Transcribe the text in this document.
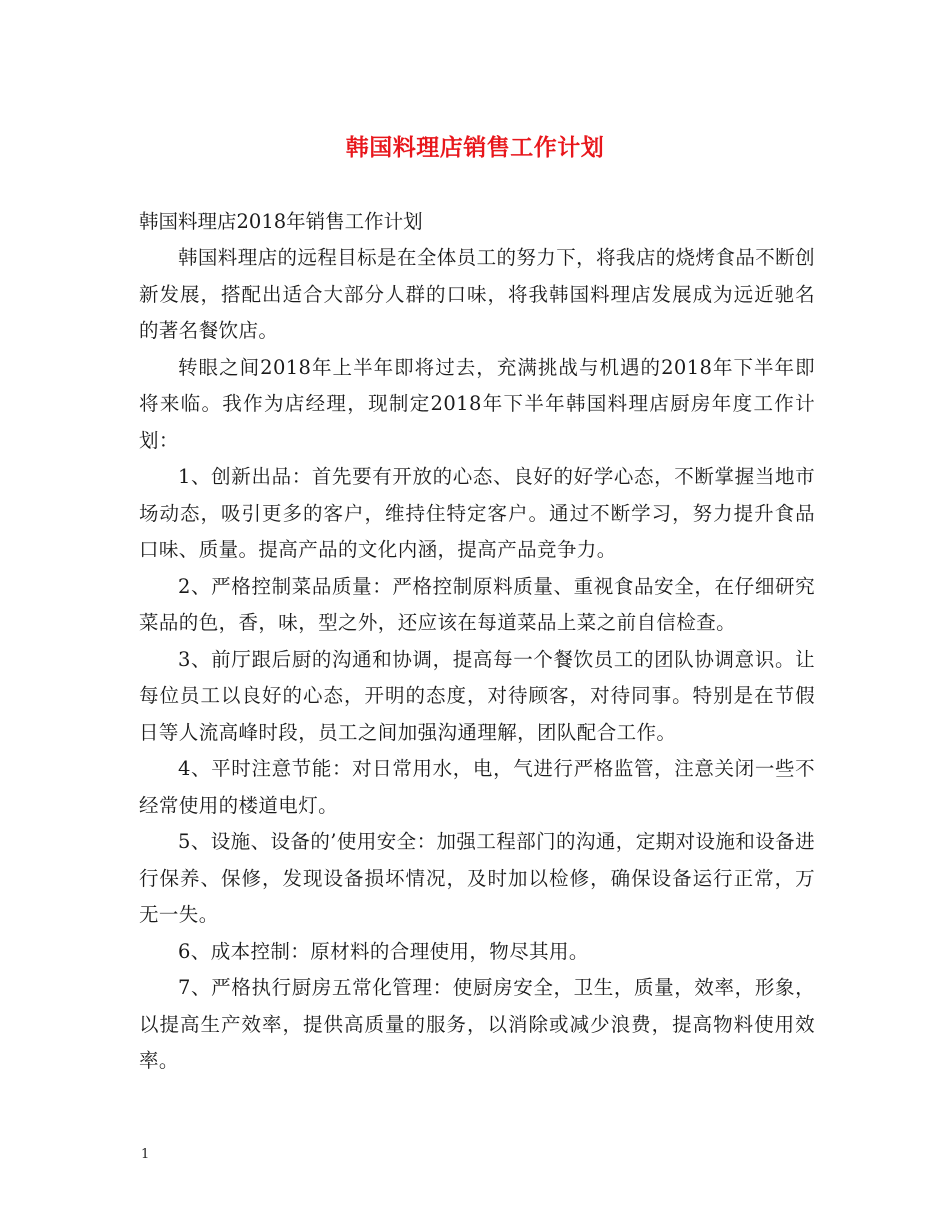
韩国料理店销售工作计划

韩国料理店2018年销售工作计划

韩国料理店的远程目标是在全体员工的努力下，将我店的烧烤食品不断创新发展，搭配出适合大部分人群的口味，将我韩国料理店发展成为远近驰名的著名餐饮店。

转眼之间2018年上半年即将过去，充满挑战与机遇的2018年下半年即将来临。我作为店经理，现制定2018年下半年韩国料理店厨房年度工作计划：

1、创新出品：首先要有开放的心态、良好的好学心态，不断掌握当地市场动态，吸引更多的客户，维持住特定客户。通过不断学习，努力提升食品口味、质量。提高产品的文化内涵，提高产品竞争力。

2、严格控制菜品质量：严格控制原料质量、重视食品安全，在仔细研究菜品的色，香，味，型之外，还应该在每道菜品上菜之前自信检查。

3、前厅跟后厨的沟通和协调，提高每一个餐饮员工的团队协调意识。让每位员工以良好的心态，开明的态度，对待顾客，对待同事。特别是在节假日等人流高峰时段，员工之间加强沟通理解，团队配合工作。

4、平时注意节能：对日常用水，电，气进行严格监管，注意关闭一些不经常使用的楼道电灯。

5、设施、设备的’使用安全：加强工程部门的沟通，定期对设施和设备进行保养、保修，发现设备损坏情况，及时加以检修，确保设备运行正常，万无一失。

6、成本控制：原材料的合理使用，物尽其用。

7、严格执行厨房五常化管理：使厨房安全，卫生，质量，效率，形象，以提高生产效率，提供高质量的服务，以消除或减少浪费，提高物料使用效率。

1
